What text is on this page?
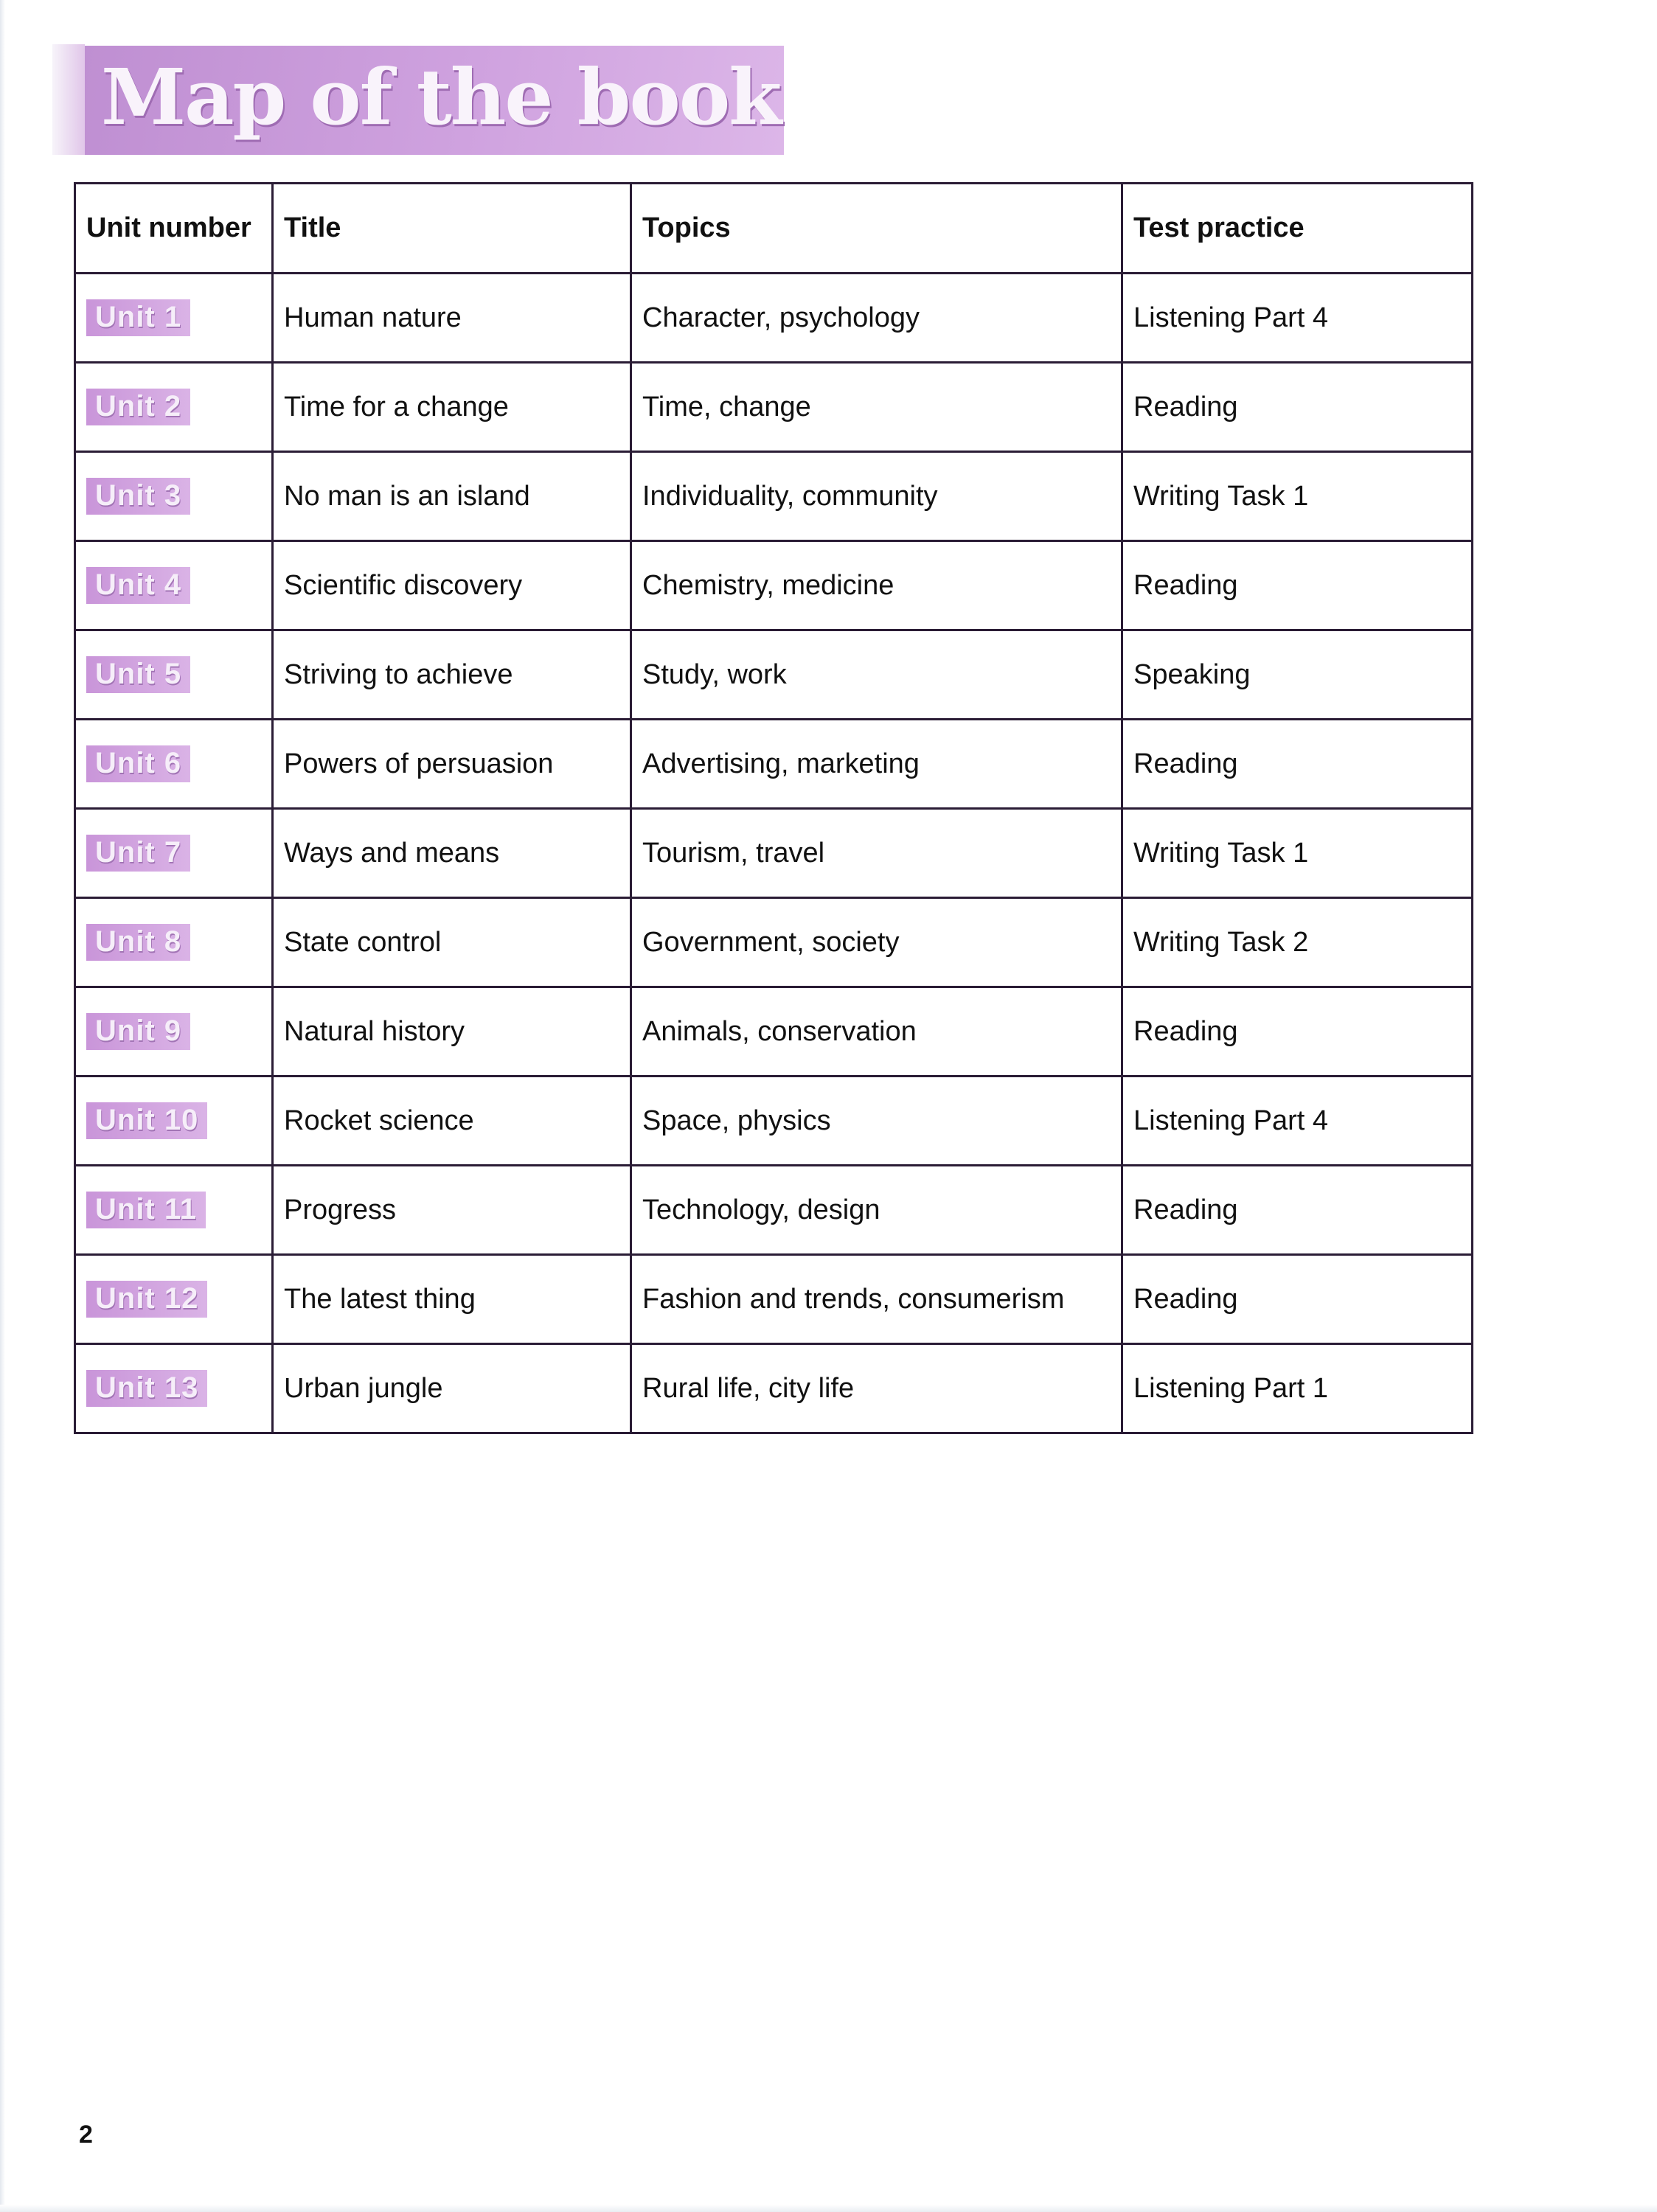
Map of the book
Unit number	Title	Topics	Test practice
Unit 1	Human nature	Character, psychology	Listening Part 4
Unit 2	Time for a change	Time, change	Reading
Unit 3	No man is an island	Individuality, community	Writing Task 1
Unit 4	Scientific discovery	Chemistry, medicine	Reading
Unit 5	Striving to achieve	Study, work	Speaking
Unit 6	Powers of persuasion	Advertising, marketing	Reading
Unit 7	Ways and means	Tourism, travel	Writing Task 1
Unit 8	State control	Government, society	Writing Task 2
Unit 9	Natural history	Animals, conservation	Reading
Unit 10	Rocket science	Space, physics	Listening Part 4
Unit 11	Progress	Technology, design	Reading
Unit 12	The latest thing	Fashion and trends, consumerism	Reading
Unit 13	Urban jungle	Rural life, city life	Listening Part 1
2
